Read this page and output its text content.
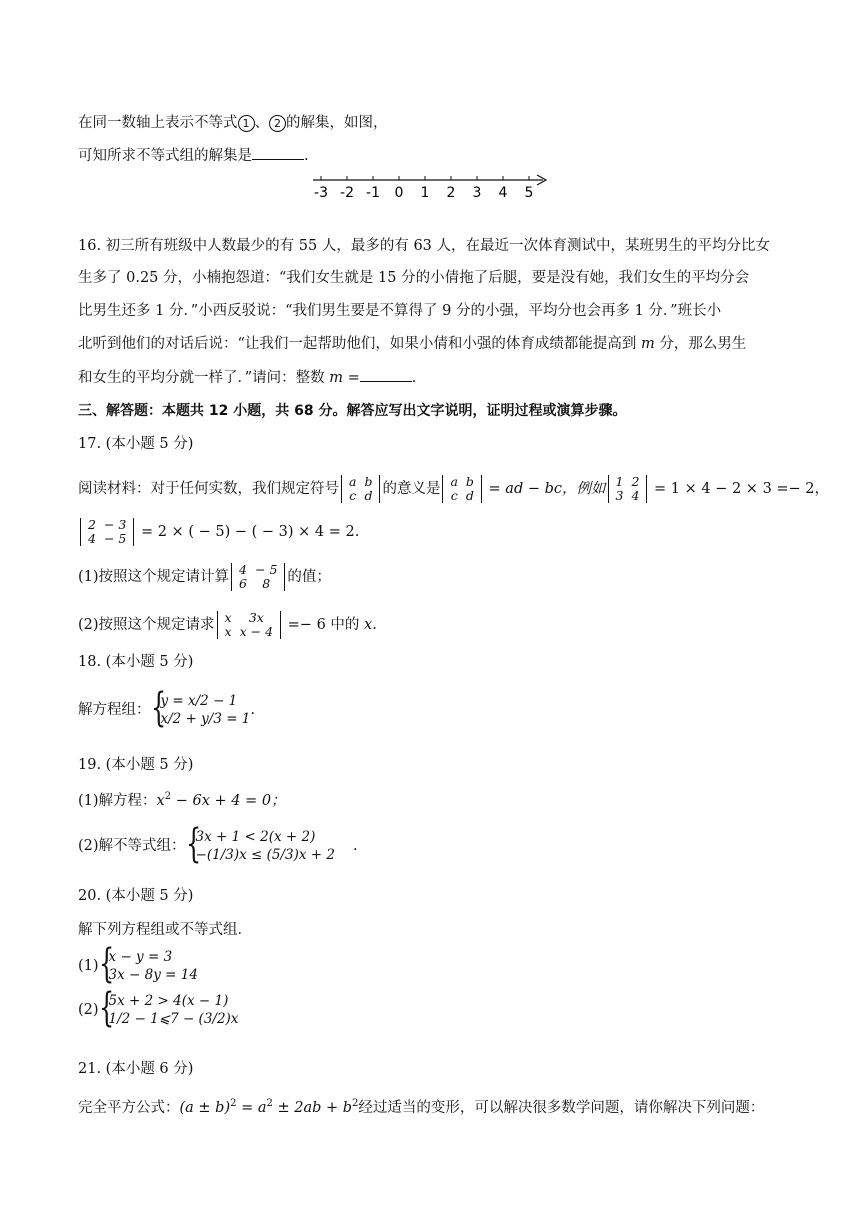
在同一数轴上表示不等式 1 、 2 的解集，如图，
可知所求不等式组的解集是	.
-3 -2 -1 0 1 2 3 4 5
16. 初三所有班级中人数最少的有 55 人，最多的有 63 人，在最近一次体育测试中，某班男生的平均分比女
生多了 0.25 分，小楠抱怨道：“我们女生就是 15 分的小倩拖了后腿，要是没有她，我们女生的平均分会
比男生还多 1 分．”小西反驳说：“我们男生要是不算得了 9 分的小强，平均分也会再多 1 分．”班长小
北听到他们的对话后说：“让我们一起帮助他们，如果小倩和小强的体育成绩都能提高到 m 分，那么男生
和女生的平均分就一样了．”请问：整数 m =	.
三、解答题：本题共 12 小题，共 68 分。解答应写出文字说明，证明过程或演算步骤。
17. (本小题 5 分)
阅读材料：对于任何实数，我们规定符号 a	b
c	d 的意义是 a	b
c	d = ad − bc，例如 1	2
3	4 = 1 × 4 − 2 × 3 =− 2，
2	− 3
4	− 5 = 2 × ( − 5) − ( − 3) × 4 = 2.
(1)按照这个规定请计算 4	− 5
6	8 的值；
(2)按照这个规定请求 x	3x
x	x − 4 =− 6 中的 x.
18. (本小题 5 分)
解方程组： {
y = x/2 − 1
x/2 + y/3 = 1
.
19. (本小题 5 分)
(1)解方程：$x^2 - 6x + 4 = 0$；
(2)解不等式组： {
3x + 1 < 2(x + 2)
−(1/3)x ≤ (5/3)x + 2
.
20. (本小题 5 分)
解下列方程组或不等式组．
(1) {
x − y = 3
3x − 8y = 14
(2) {
5x + 2 > 4(x − 1)
1/2 − 1⩽7 − (3/2)x
21. (本小题 6 分)
完全平方公式：$(a \pm b)^2 = a^2 \pm 2ab + b^2$经过适当的变形，可以解决很多数学问题，请你解决下列问题：
